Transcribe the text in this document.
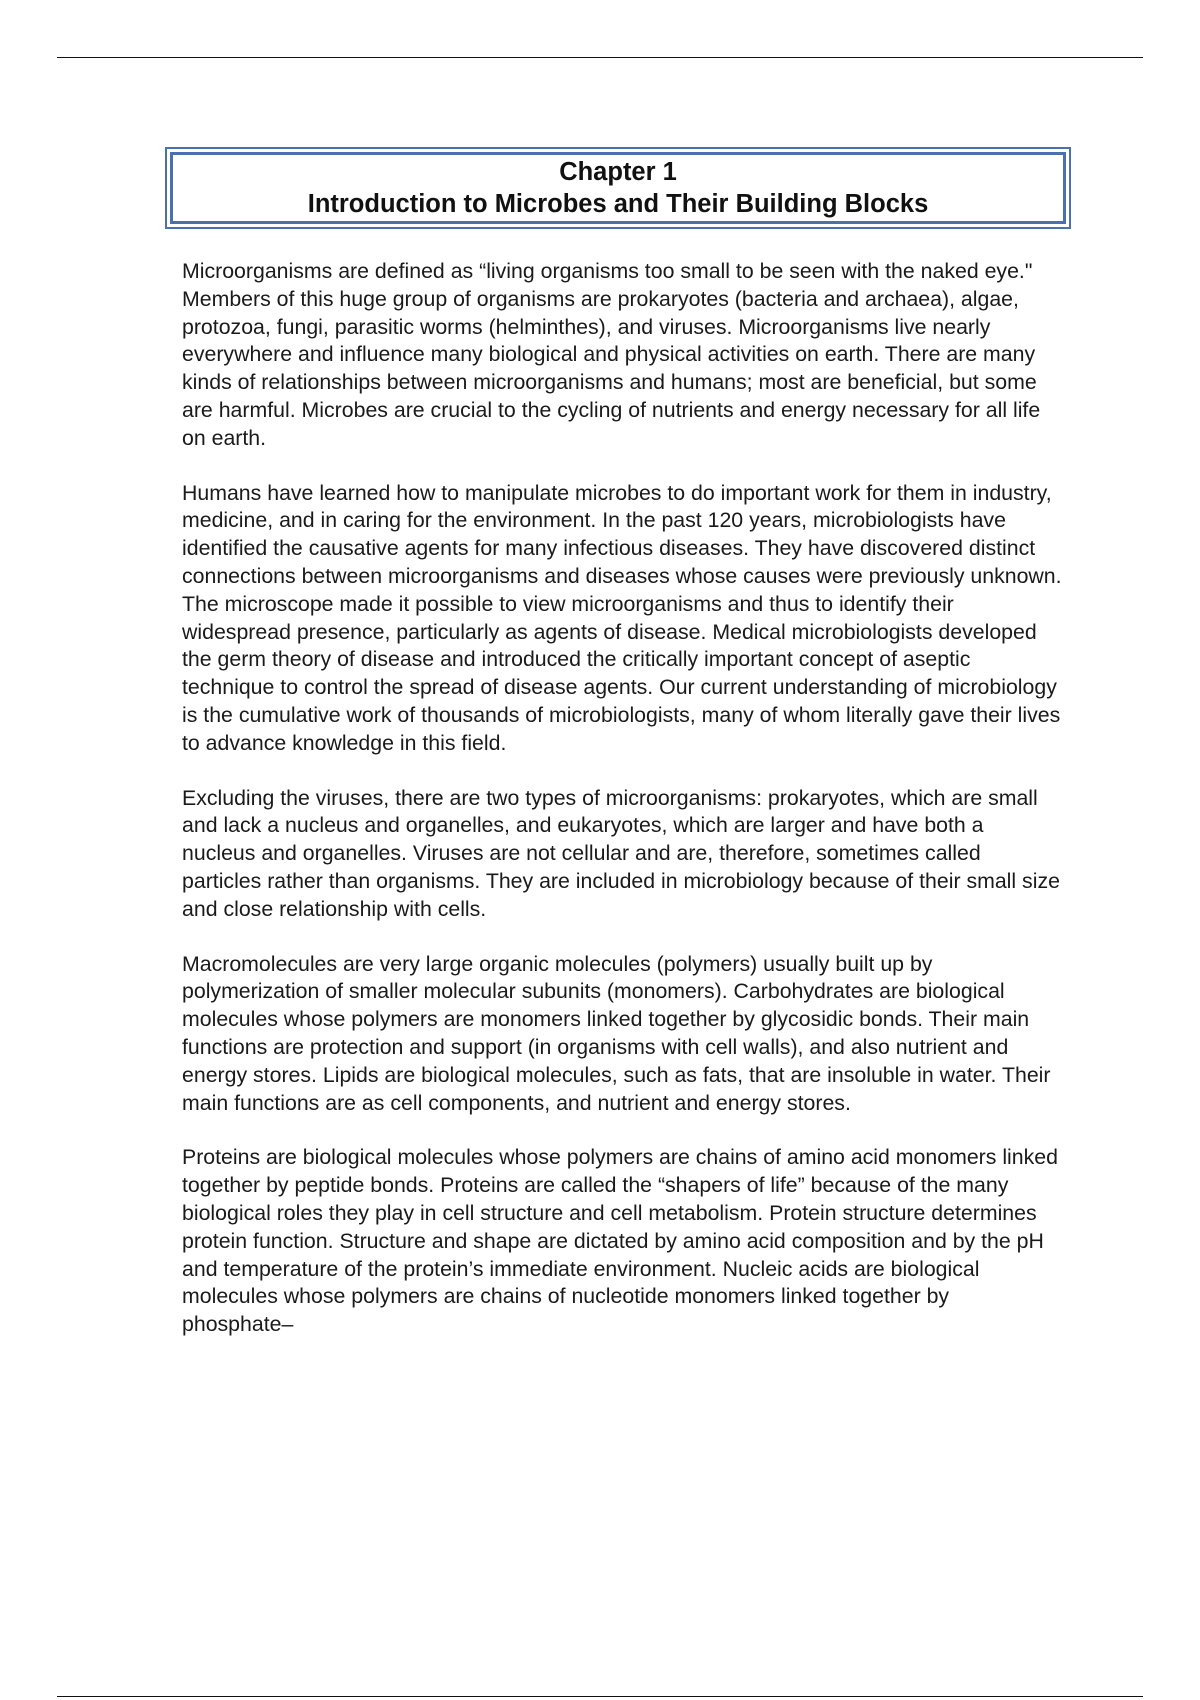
Chapter 1
Introduction to Microbes and Their Building Blocks

Microorganisms are defined as “living organisms too small to be seen with the naked eye." Members of this huge group of organisms are prokaryotes (bacteria and archaea), algae, protozoa, fungi, parasitic worms (helminthes), and viruses. Microorganisms live nearly everywhere and influence many biological and physical activities on earth. There are many kinds of relationships between microorganisms and humans; most are beneficial, but some are harmful. Microbes are crucial to the cycling of nutrients and energy necessary for all life on earth.

Humans have learned how to manipulate microbes to do important work for them in industry, medicine, and in caring for the environment. In the past 120 years, microbiologists have identified the causative agents for many infectious diseases. They have discovered distinct connections between microorganisms and diseases whose causes were previously unknown. The microscope made it possible to view microorganisms and thus to identify their widespread presence, particularly as agents of disease. Medical microbiologists developed the germ theory of disease and introduced the critically important concept of aseptic technique to control the spread of disease agents. Our current understanding of microbiology is the cumulative work of thousands of microbiologists, many of whom literally gave their lives to advance knowledge in this field.

Excluding the viruses, there are two types of microorganisms: prokaryotes, which are small and lack a nucleus and organelles, and eukaryotes, which are larger and have both a nucleus and organelles. Viruses are not cellular and are, therefore, sometimes called particles rather than organisms. They are included in microbiology because of their small size and close relationship with cells.

Macromolecules are very large organic molecules (polymers) usually built up by polymerization of smaller molecular subunits (monomers). Carbohydrates are biological molecules whose polymers are monomers linked together by glycosidic bonds. Their main functions are protection and support (in organisms with cell walls), and also nutrient and energy stores. Lipids are biological molecules, such as fats, that are insoluble in water. Their main functions are as cell components, and nutrient and energy stores.

Proteins are biological molecules whose polymers are chains of amino acid monomers linked together by peptide bonds. Proteins are called the “shapers of life” because of the many biological roles they play in cell structure and cell metabolism. Protein structure determines protein function. Structure and shape are dictated by amino acid composition and by the pH and temperature of the protein’s immediate environment. Nucleic acids are biological molecules whose polymers are chains of nucleotide monomers linked together by phosphate–
